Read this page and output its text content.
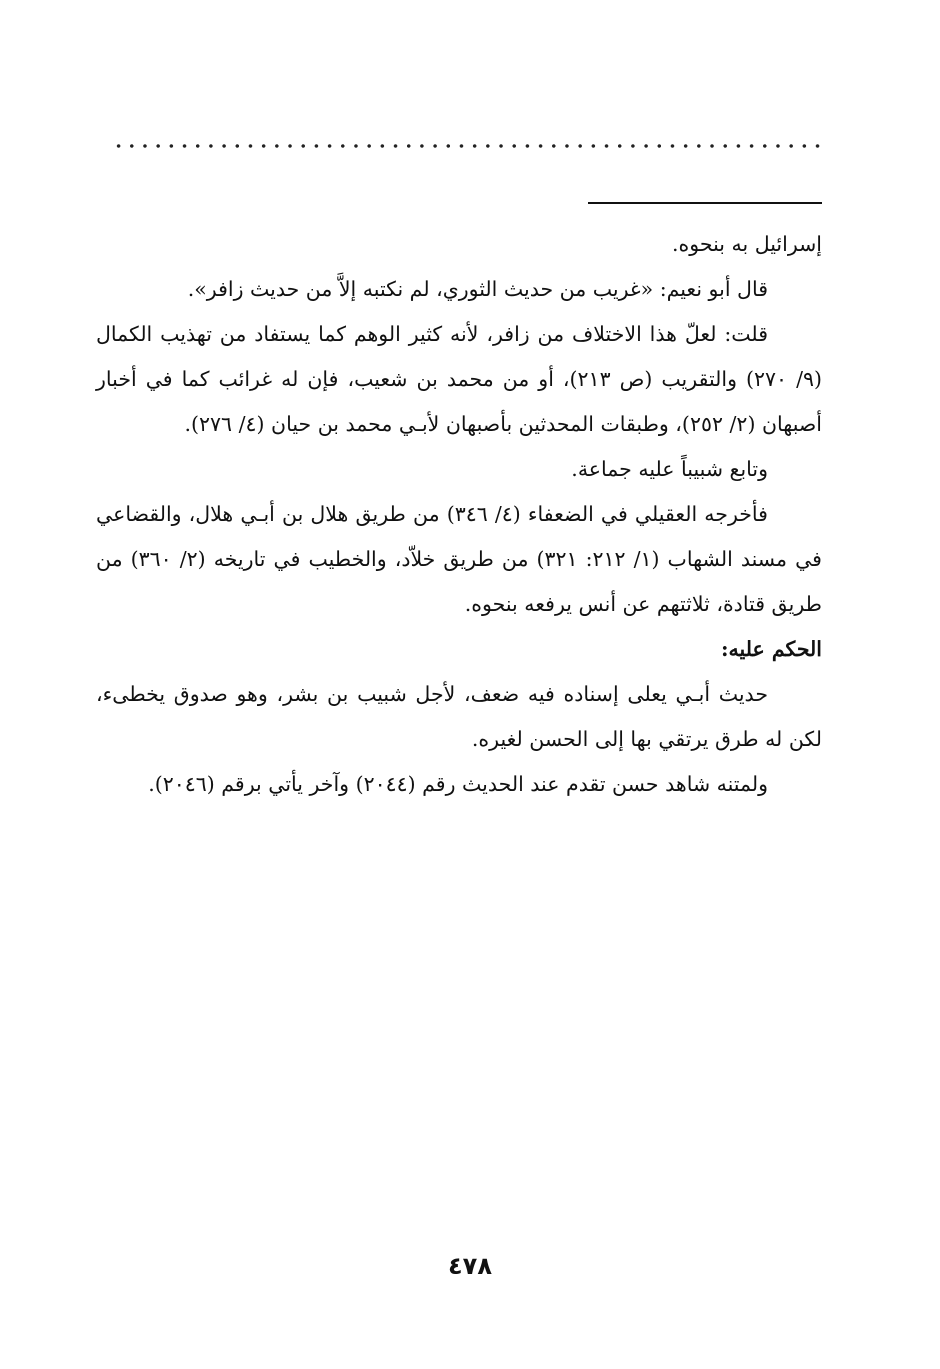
إسرائيل به بنحوه.

قال أبو نعيم: «غريب من حديث الثوري، لم نكتبه إلاَّ من حديث زافر».

قلت: لعلّ هذا الاختلاف من زافر، لأنه كثير الوهم كما يستفاد من تهذيب الكمال (٩/ ٢٧٠) والتقريب (ص ٢١٣)، أو من محمد بن شعيب، فإن له غرائب كما في أخبار أصبهان (٢/ ٢٥٢)، وطبقات المحدثين بأصبهان لأبـي محمد بن حيان (٤/ ٢٧٦).

وتابع شبيباً عليه جماعة.

فأخرجه العقيلي في الضعفاء (٤/ ٣٤٦) من طريق هلال بن أبـي هلال، والقضاعي في مسند الشهاب (١/ ٢١٢: ٣٢١) من طريق خلاّد، والخطيب في تاريخه (٢/ ٣٦٠) من طريق قتادة، ثلاثتهم عن أنس يرفعه بنحوه.

الحكم عليه:

حديث أبـي يعلى إسناده فيه ضعف، لأجل شبيب بن بشر، وهو صدوق يخطىء، لكن له طرق يرتقي بها إلى الحسن لغيره.

ولمتنه شاهد حسن تقدم عند الحديث رقم (٢٠٤٤) وآخر يأتي برقم (٢٠٤٦).

٤٧٨
